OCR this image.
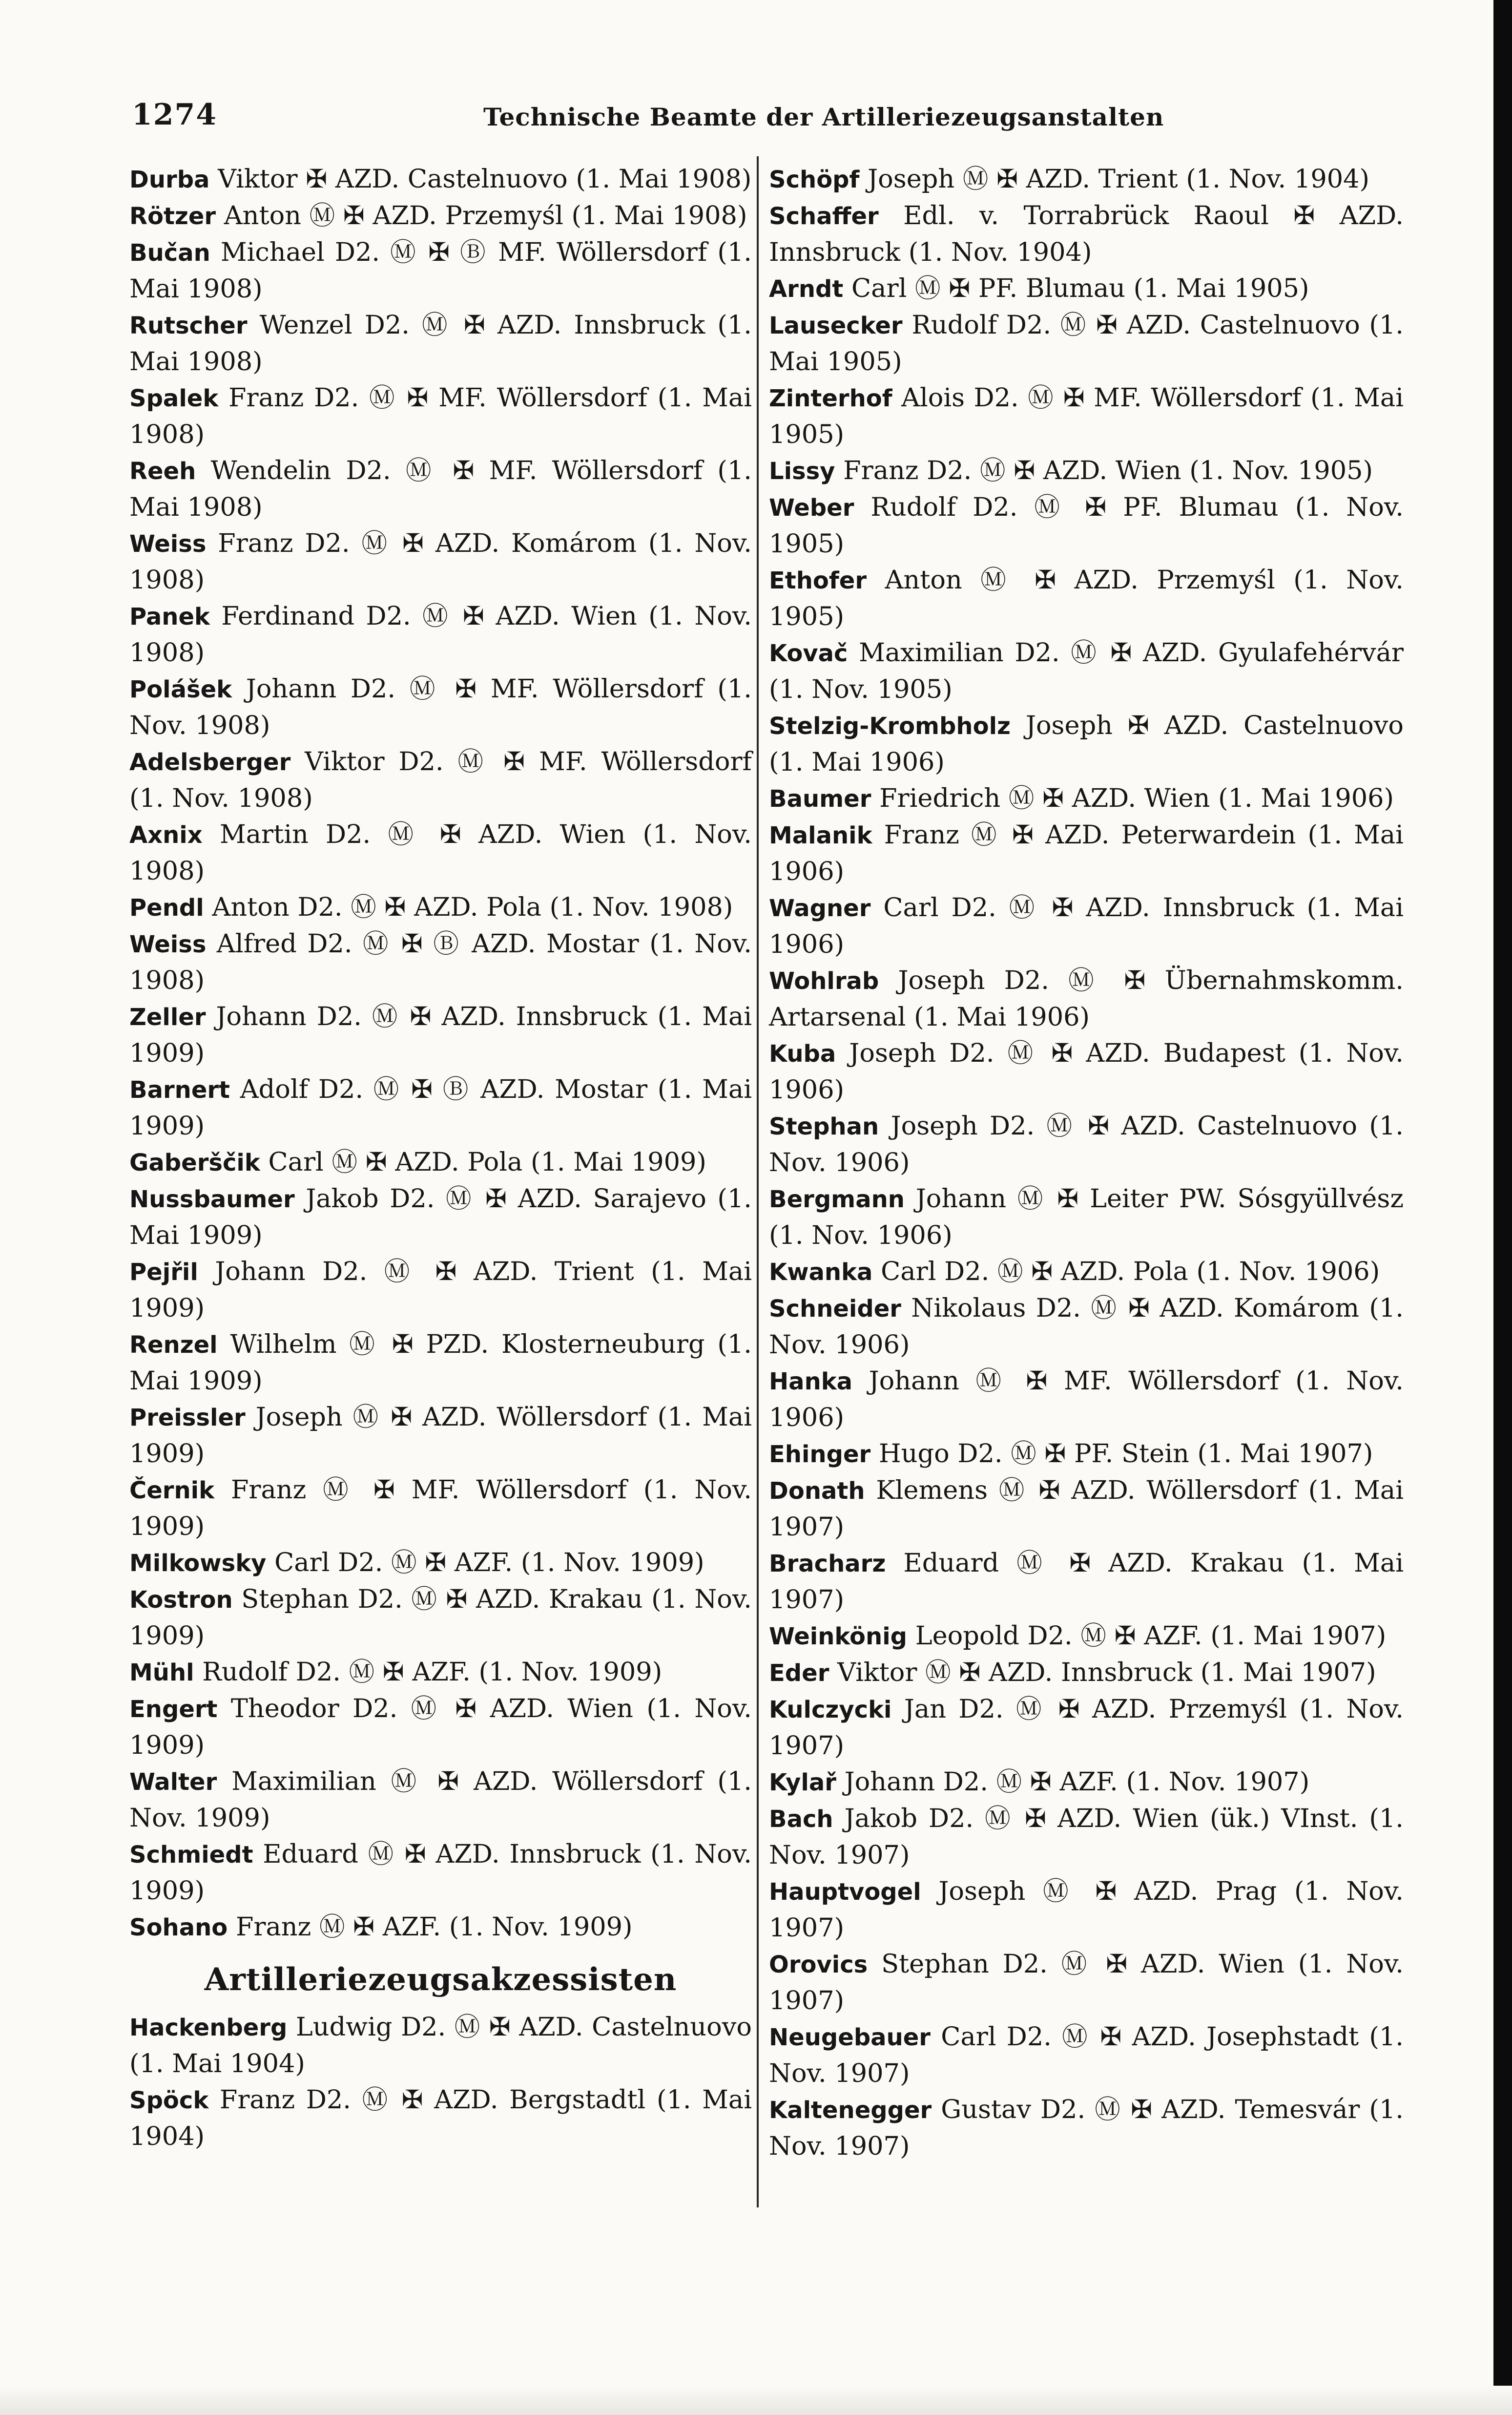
1274	Technische Beamte der Artilleriezeugsanstalten

Durba Viktor ✠ AZD. Castelnuovo (1. Mai 1908)

Rötzer Anton Ⓜ ✠ AZD. Przemyśl (1. Mai 1908)

Bučan Michael D2. Ⓜ ✠ Ⓑ MF. Wöllersdorf (1. Mai 1908)

Rutscher Wenzel D2. Ⓜ ✠ AZD. Innsbruck (1. Mai 1908)

Spalek Franz D2. Ⓜ ✠ MF. Wöllersdorf (1. Mai 1908)

Reeh Wendelin D2. Ⓜ ✠ MF. Wöllersdorf (1. Mai 1908)

Weiss Franz D2. Ⓜ ✠ AZD. Komárom (1. Nov. 1908)

Panek Ferdinand D2. Ⓜ ✠ AZD. Wien (1. Nov. 1908)

Polášek Johann D2. Ⓜ ✠ MF. Wöllersdorf (1. Nov. 1908)

Adelsberger Viktor D2. Ⓜ ✠ MF. Wöllersdorf (1. Nov. 1908)

Axnix Martin D2. Ⓜ ✠ AZD. Wien (1. Nov. 1908)

Pendl Anton D2. Ⓜ ✠ AZD. Pola (1. Nov. 1908)

Weiss Alfred D2. Ⓜ ✠ Ⓑ AZD. Mostar (1. Nov. 1908)

Zeller Johann D2. Ⓜ ✠ AZD. Innsbruck (1. Mai 1909)

Barnert Adolf D2. Ⓜ ✠ Ⓑ AZD. Mostar (1. Mai 1909)

Gaberščik Carl Ⓜ ✠ AZD. Pola (1. Mai 1909)

Nussbaumer Jakob D2. Ⓜ ✠ AZD. Sarajevo (1. Mai 1909)

Pejřil Johann D2. Ⓜ ✠ AZD. Trient (1. Mai 1909)

Renzel Wilhelm Ⓜ ✠ PZD. Klosterneuburg (1. Mai 1909)

Preissler Joseph Ⓜ ✠ AZD. Wöllersdorf (1. Mai 1909)

Černik Franz Ⓜ ✠ MF. Wöllersdorf (1. Nov. 1909)

Milkowsky Carl D2. Ⓜ ✠ AZF. (1. Nov. 1909)

Kostron Stephan D2. Ⓜ ✠ AZD. Krakau (1. Nov. 1909)

Mühl Rudolf D2. Ⓜ ✠ AZF. (1. Nov. 1909)

Engert Theodor D2. Ⓜ ✠ AZD. Wien (1. Nov. 1909)

Walter Maximilian Ⓜ ✠ AZD. Wöllersdorf (1. Nov. 1909)

Schmiedt Eduard Ⓜ ✠ AZD. Innsbruck (1. Nov. 1909)

Sohano Franz Ⓜ ✠ AZF. (1. Nov. 1909)

Artilleriezeugsakzessisten

Hackenberg Ludwig D2. Ⓜ ✠ AZD. Castelnuovo (1. Mai 1904)

Spöck Franz D2. Ⓜ ✠ AZD. Bergstadtl (1. Mai 1904)

Schöpf Joseph Ⓜ ✠ AZD. Trient (1. Nov. 1904)

Schaffer Edl. v. Torrabrück Raoul ✠ AZD. Innsbruck (1. Nov. 1904)

Arndt Carl Ⓜ ✠ PF. Blumau (1. Mai 1905)

Lausecker Rudolf D2. Ⓜ ✠ AZD. Castelnuovo (1. Mai 1905)

Zinterhof Alois D2. Ⓜ ✠ MF. Wöllersdorf (1. Mai 1905)

Lissy Franz D2. Ⓜ ✠ AZD. Wien (1. Nov. 1905)

Weber Rudolf D2. Ⓜ ✠ PF. Blumau (1. Nov. 1905)

Ethofer Anton Ⓜ ✠ AZD. Przemyśl (1. Nov. 1905)

Kovač Maximilian D2. Ⓜ ✠ AZD. Gyulafehérvár (1. Nov. 1905)

Stelzig-Krombholz Joseph ✠ AZD. Castelnuovo (1. Mai 1906)

Baumer Friedrich Ⓜ ✠ AZD. Wien (1. Mai 1906)

Malanik Franz Ⓜ ✠ AZD. Peterwardein (1. Mai 1906)

Wagner Carl D2. Ⓜ ✠ AZD. Innsbruck (1. Mai 1906)

Wohlrab Joseph D2. Ⓜ ✠ Übernahmskomm. Artarsenal (1. Mai 1906)

Kuba Joseph D2. Ⓜ ✠ AZD. Budapest (1. Nov. 1906)

Stephan Joseph D2. Ⓜ ✠ AZD. Castelnuovo (1. Nov. 1906)

Bergmann Johann Ⓜ ✠ Leiter PW. Sósgyüllvész (1. Nov. 1906)

Kwanka Carl D2. Ⓜ ✠ AZD. Pola (1. Nov. 1906)

Schneider Nikolaus D2. Ⓜ ✠ AZD. Komárom (1. Nov. 1906)

Hanka Johann Ⓜ ✠ MF. Wöllersdorf (1. Nov. 1906)

Ehinger Hugo D2. Ⓜ ✠ PF. Stein (1. Mai 1907)

Donath Klemens Ⓜ ✠ AZD. Wöllersdorf (1. Mai 1907)

Bracharz Eduard Ⓜ ✠ AZD. Krakau (1. Mai 1907)

Weinkönig Leopold D2. Ⓜ ✠ AZF. (1. Mai 1907)

Eder Viktor Ⓜ ✠ AZD. Innsbruck (1. Mai 1907)

Kulczycki Jan D2. Ⓜ ✠ AZD. Przemyśl (1. Nov. 1907)

Kylař Johann D2. Ⓜ ✠ AZF. (1. Nov. 1907)

Bach Jakob D2. Ⓜ ✠ AZD. Wien (ük.) VInst. (1. Nov. 1907)

Hauptvogel Joseph Ⓜ ✠ AZD. Prag (1. Nov. 1907)

Orovics Stephan D2. Ⓜ ✠ AZD. Wien (1. Nov. 1907)

Neugebauer Carl D2. Ⓜ ✠ AZD. Josephstadt (1. Nov. 1907)

Kaltenegger Gustav D2. Ⓜ ✠ AZD. Temesvár (1. Nov. 1907)
